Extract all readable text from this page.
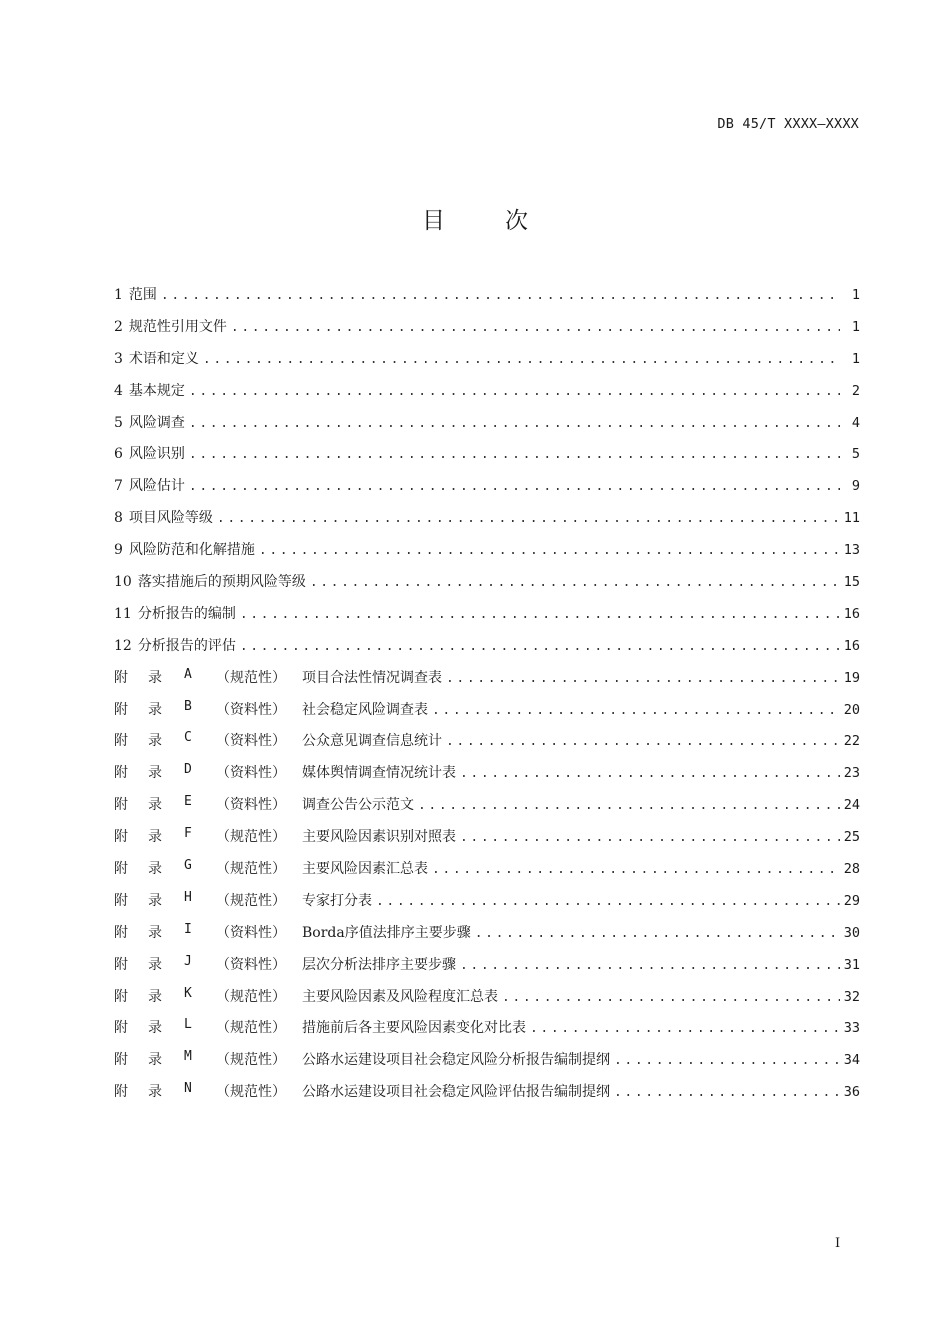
DB 45/T XXXX—XXXX
目次
1 范围 .....	1
2 规范性引用文件 .....	1
3 术语和定义 .....	1
4 基本规定 .....	2
5 风险调查 .....	4
6 风险识别 .....	5
7 风险估计 .....	9
8 项目风险等级 .....	11
9 风险防范和化解措施 .....	13
10 落实措施后的预期风险等级 .....	15
11 分析报告的编制 .....	16
12 分析报告的评估 .....	16
附	录	A	（规范性）	项目合法性情况调查表 .....	19
附	录	B	（资料性）	社会稳定风险调查表 .....	20
附	录	C	（资料性）	公众意见调查信息统计 .....	22
附	录	D	（资料性）	媒体舆情调查情况统计表 .....	23
附	录	E	（资料性）	调查公告公示范文 .....	24
附	录	F	（规范性）	主要风险因素识别对照表 .....	25
附	录	G	（规范性）	主要风险因素汇总表 .....	28
附	录	H	（规范性）	专家打分表 .....	29
附	录	I	（资料性）	Borda序值法排序主要步骤 .....	30
附	录	J	（资料性）	层次分析法排序主要步骤 .....	31
附	录	K	（规范性）	主要风险因素及风险程度汇总表 .....	32
附	录	L	（规范性）	措施前后各主要风险因素变化对比表 .....	33
附	录	M	（规范性）	公路水运建设项目社会稳定风险分析报告编制提纲 .....	34
附	录	N	（规范性）	公路水运建设项目社会稳定风险评估报告编制提纲 .....	36
I
